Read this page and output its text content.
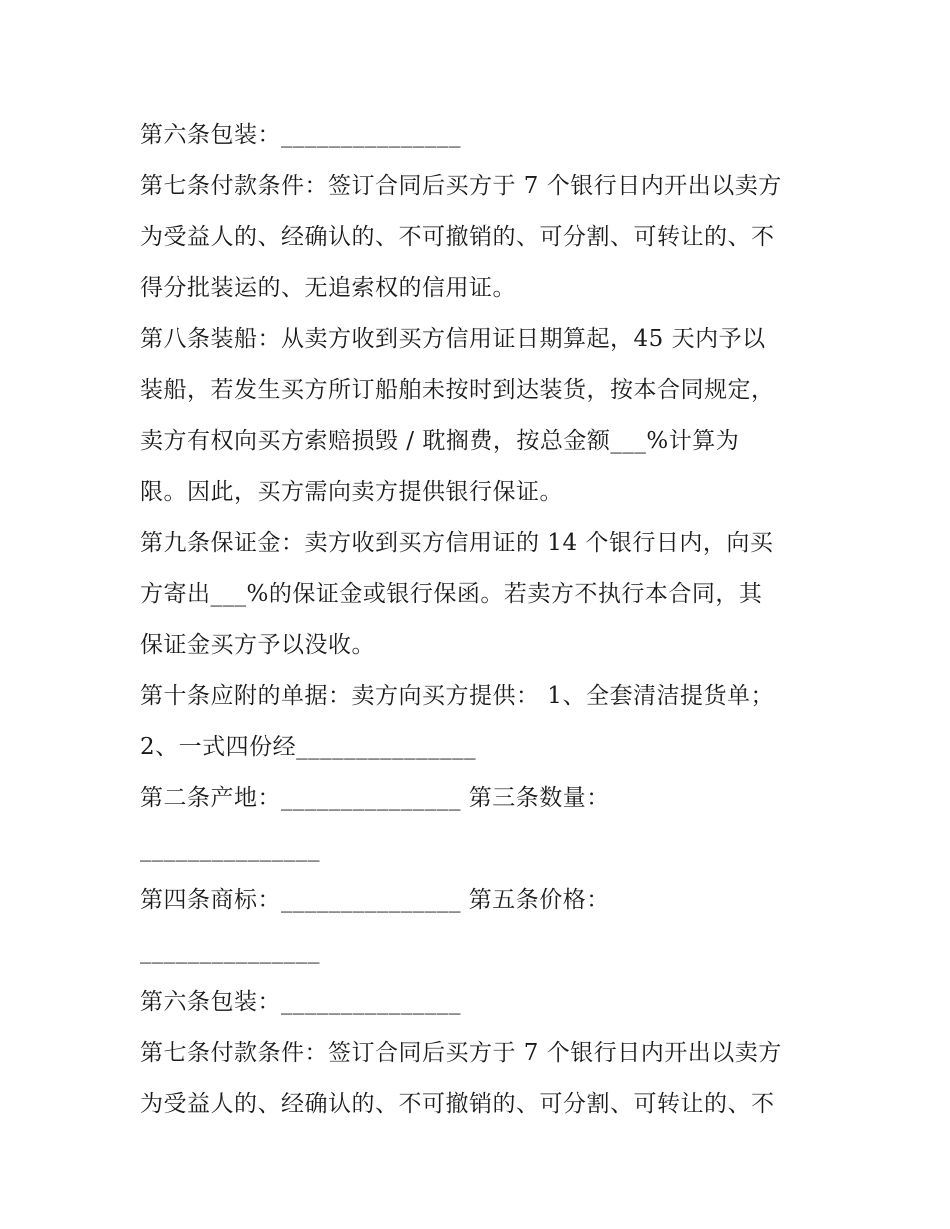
第六条包装：_______________
第七条付款条件：签订合同后买方于 7 个银行日内开出以卖方
为受益人的、经确认的、不可撤销的、可分割、可转让的、不
得分批装运的、无追索权的信用证。
第八条装船：从卖方收到买方信用证日期算起，45 天内予以
装船，若发生买方所订船舶未按时到达装货，按本合同规定，
卖方有权向买方索赔损毁 / 耽搁费，按总金额___%计算为
限。因此，买方需向卖方提供银行保证。
第九条保证金：卖方收到买方信用证的 14 个银行日内，向买
方寄出___%的保证金或银行保函。若卖方不执行本合同，其
保证金买方予以没收。
第十条应附的单据：卖方向买方提供： 1、全套清洁提货单；
2、一式四份经_______________
第二条产地：_______________ 第三条数量：
_______________
第四条商标：_______________ 第五条价格：
_______________
第六条包装：_______________
第七条付款条件：签订合同后买方于 7 个银行日内开出以卖方
为受益人的、经确认的、不可撤销的、可分割、可转让的、不
